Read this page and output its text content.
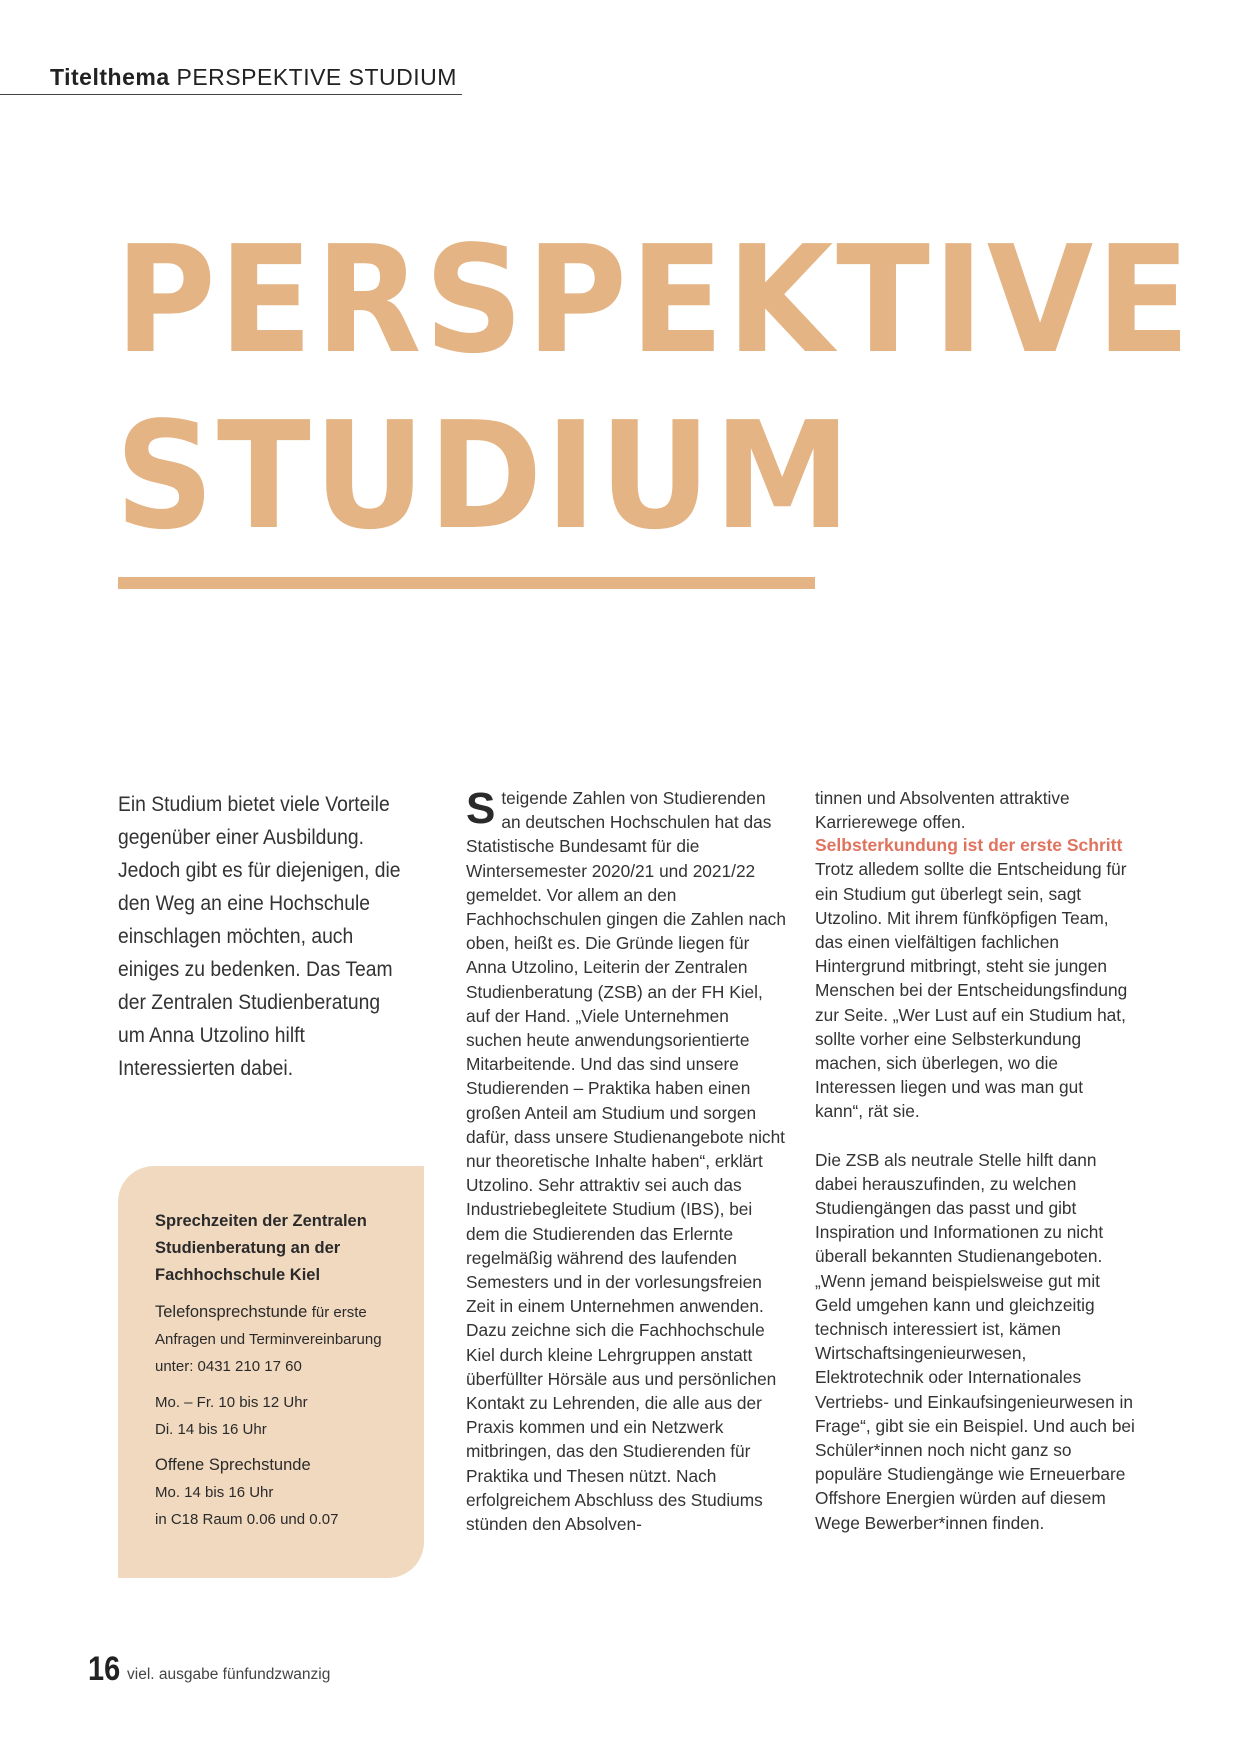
Titelthema PERSPEKTIVE STUDIUM
PERSPEKTIVE
STUDIUM

Ein Studium bietet viele Vorteile gegenüber einer Ausbildung. Jedoch gibt es für diejenigen, die den Weg an eine Hochschule einschlagen möchten, auch einiges zu bedenken. Das Team der Zentralen Studienberatung um Anna Utzolino hilft Interessierten dabei.

Sprechzeiten der Zentralen Studienberatung an der Fachhochschule Kiel

Telefonsprechstunde für erste Anfragen und Terminvereinbarung unter: 0431 210 17 60

Mo. – Fr. 10 bis 12 Uhr
Di. 14 bis 16 Uhr

Offene Sprechstunde
Mo. 14 bis 16 Uhr
in C18 Raum 0.06 und 0.07

Steigende Zahlen von Studierenden an deutschen Hochschulen hat das Statistische Bundesamt für die Wintersemester 2020/21 und 2021/22 gemeldet. Vor allem an den Fachhochschulen gingen die Zahlen nach oben, heißt es. Die Gründe liegen für Anna Utzolino, Leiterin der Zentralen Studienberatung (ZSB) an der FH Kiel, auf der Hand. „Viele Unternehmen suchen heute anwendungsorientierte Mitarbeitende. Und das sind unsere Studierenden – Praktika haben einen großen Anteil am Studium und sorgen dafür, dass unsere Studienangebote nicht nur theoretische Inhalte haben“, erklärt Utzolino. Sehr attraktiv sei auch das Industriebegleitete Studium (IBS), bei dem die Studierenden das Erlernte regelmäßig während des laufenden Semesters und in der vorlesungsfreien Zeit in einem Unternehmen anwenden. Dazu zeichne sich die Fachhochschule Kiel durch kleine Lehrgruppen anstatt überfüllter Hörsäle aus und persönlichen Kontakt zu Lehrenden, die alle aus der Praxis kommen und ein Netzwerk mitbringen, das den Studierenden für Praktika und Thesen nützt. Nach erfolgreichem Abschluss des Studiums stünden den Absolven-

tinnen und Absolventen attraktive Karrierewege offen.

Selbsterkundung ist der erste Schritt

Trotz alledem sollte die Entscheidung für ein Studium gut überlegt sein, sagt Utzolino. Mit ihrem fünfköpfigen Team, das einen vielfältigen fachlichen Hintergrund mitbringt, steht sie jungen Menschen bei der Entscheidungsfindung zur Seite. „Wer Lust auf ein Studium hat, sollte vorher eine Selbsterkundung machen, sich überlegen, wo die Interessen liegen und was man gut kann“, rät sie.

Die ZSB als neutrale Stelle hilft dann dabei herauszufinden, zu welchen Studiengängen das passt und gibt Inspiration und Informationen zu nicht überall bekannten Studienangeboten. „Wenn jemand beispielsweise gut mit Geld umgehen kann und gleichzeitig technisch interessiert ist, kämen Wirtschaftsingenieurwesen, Elektrotechnik oder Internationales Vertriebs- und Einkaufsingenieurwesen in Frage“, gibt sie ein Beispiel. Und auch bei Schüler*innen noch nicht ganz so populäre Studiengänge wie Erneuerbare Offshore Energien würden auf diesem Wege Bewerber*innen finden.

16 viel. ausgabe fünfundzwanzig
